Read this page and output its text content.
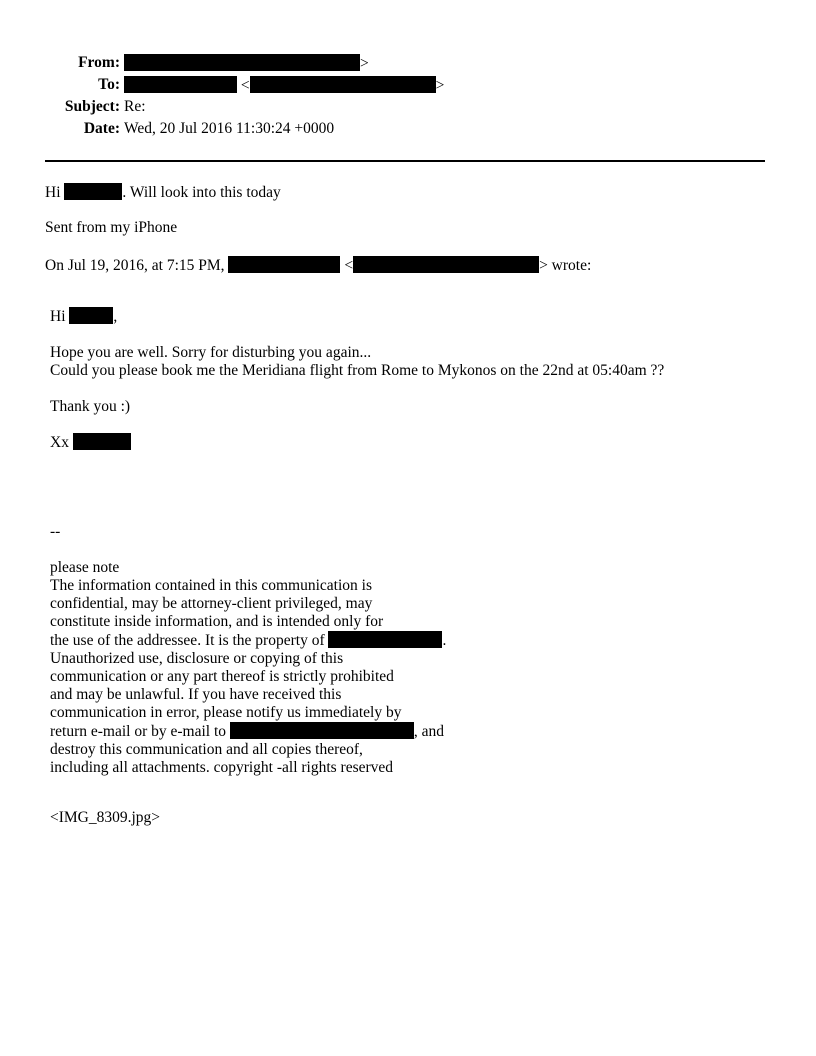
From:	>
To:	<	>
Subject: Re:
Date: Wed, 20 Jul 2016 11:30:24 +0000
Hi	. Will look into this today
Sent from my iPhone
On Jul 19, 2016, at 7:15 PM,	<	> wrote:
Hi	,
Hope you are well. Sorry for disturbing you again...
Could you please book me the Meridiana flight from Rome to Mykonos on the 22nd at 05:40am ??
Thank you :)
Xx
--
please note
The information contained in this communication is
confidential, may be attorney-client privileged, may
constitute inside information, and is intended only for
the use of the addressee. It is the property of	.
Unauthorized use, disclosure or copying of this
communication or any part thereof is strictly prohibited
and may be unlawful. If you have received this
communication in error, please notify us immediately by
return e-mail or by e-mail to	, and
destroy this communication and all copies thereof,
including all attachments. copyright -all rights reserved
<IMG_8309.jpg>
